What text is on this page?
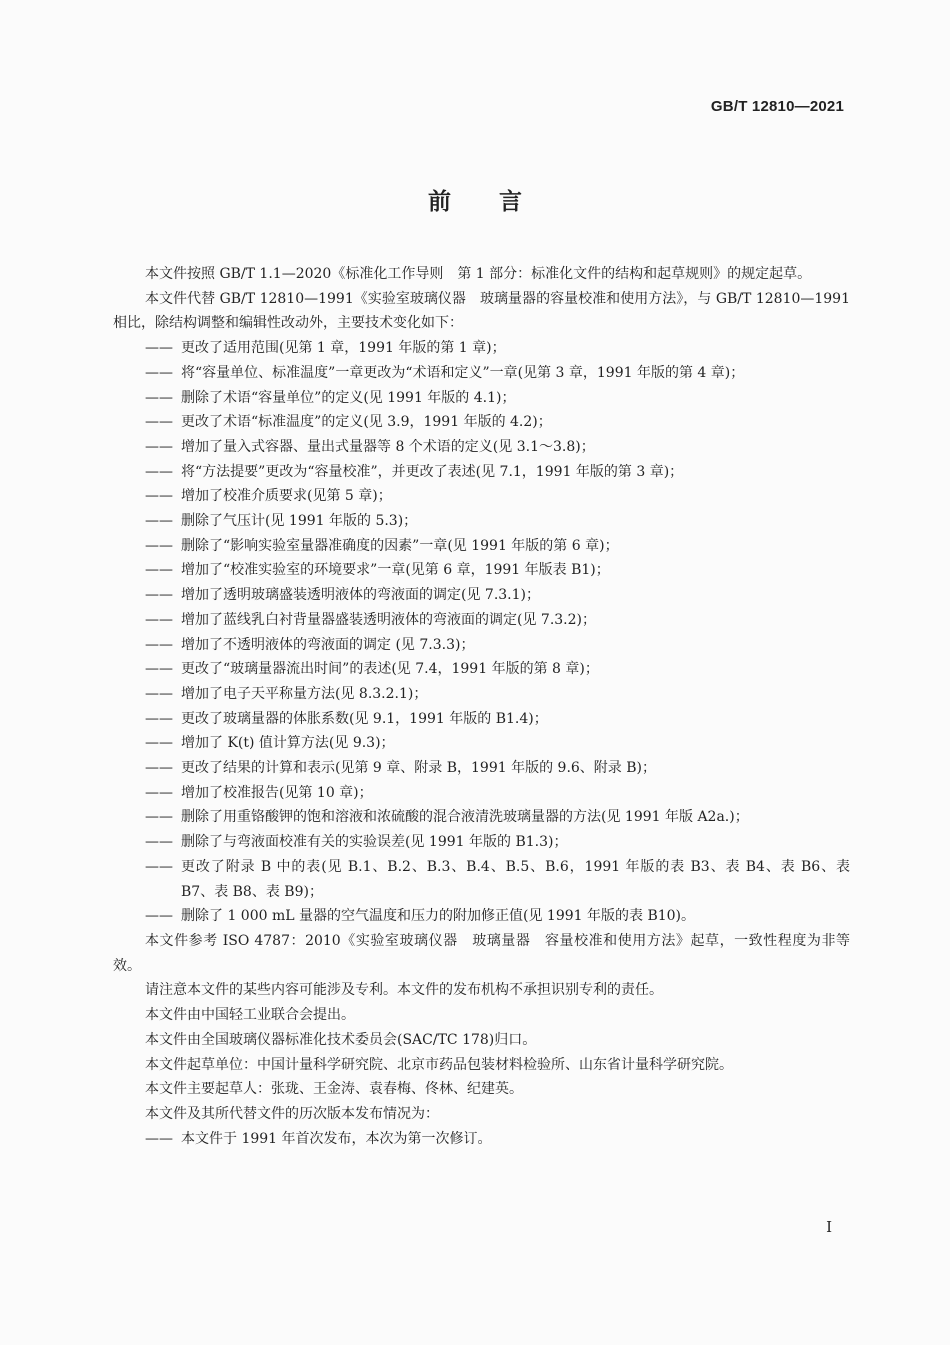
GB/T 12810—2021
前言

本文件按照 GB/T 1.1—2020《标准化工作导则　第 1 部分：标准化文件的结构和起草规则》的规定起草。

本文件代替 GB/T 12810—1991《实验室玻璃仪器　玻璃量器的容量校准和使用方法》，与 GB/T 12810—1991 相比，除结构调整和编辑性改动外，主要技术变化如下：

—— 更改了适用范围(见第 1 章，1991 年版的第 1 章)；
—— 将“容量单位、标准温度”一章更改为“术语和定义”一章(见第 3 章，1991 年版的第 4 章)；
—— 删除了术语“容量单位”的定义(见 1991 年版的 4.1)；
—— 更改了术语“标准温度”的定义(见 3.9，1991 年版的 4.2)；
—— 增加了量入式容器、量出式量器等 8 个术语的定义(见 3.1～3.8)；
—— 将“方法提要”更改为“容量校准”，并更改了表述(见 7.1，1991 年版的第 3 章)；
—— 增加了校准介质要求(见第 5 章)；
—— 删除了气压计(见 1991 年版的 5.3)；
—— 删除了“影响实验室量器准确度的因素”一章(见 1991 年版的第 6 章)；
—— 增加了“校准实验室的环境要求”一章(见第 6 章，1991 年版表 B1)；
—— 增加了透明玻璃盛装透明液体的弯液面的调定(见 7.3.1)；
—— 增加了蓝线乳白衬背量器盛装透明液体的弯液面的调定(见 7.3.2)；
—— 增加了不透明液体的弯液面的调定 (见 7.3.3)；
—— 更改了“玻璃量器流出时间”的表述(见 7.4，1991 年版的第 8 章)；
—— 增加了电子天平称量方法(见 8.3.2.1)；
—— 更改了玻璃量器的体胀系数(见 9.1，1991 年版的 B1.4)；
—— 增加了 K(t) 值计算方法(见 9.3)；
—— 更改了结果的计算和表示(见第 9 章、附录 B，1991 年版的 9.6、附录 B)；
—— 增加了校准报告(见第 10 章)；
—— 删除了用重铬酸钾的饱和溶液和浓硫酸的混合液清洗玻璃量器的方法(见 1991 年版 A2a.)；
—— 删除了与弯液面校准有关的实验误差(见 1991 年版的 B1.3)；
—— 更改了附录 B 中的表(见 B.1、B.2、B.3、B.4、B.5、B.6，1991 年版的表 B3、表 B4、表 B6、表 B7、表 B8、表 B9)；
—— 删除了 1 000 mL 量器的空气温度和压力的附加修正值(见 1991 年版的表 B10)。

本文件参考 ISO 4787：2010《实验室玻璃仪器　玻璃量器　容量校准和使用方法》起草，一致性程度为非等效。

请注意本文件的某些内容可能涉及专利。本文件的发布机构不承担识别专利的责任。

本文件由中国轻工业联合会提出。

本文件由全国玻璃仪器标准化技术委员会(SAC/TC 178)归口。

本文件起草单位：中国计量科学研究院、北京市药品包装材料检验所、山东省计量科学研究院。

本文件主要起草人：张珑、王金涛、袁春梅、佟林、纪建英。

本文件及其所代替文件的历次版本发布情况为：

—— 本文件于 1991 年首次发布，本次为第一次修订。
I
